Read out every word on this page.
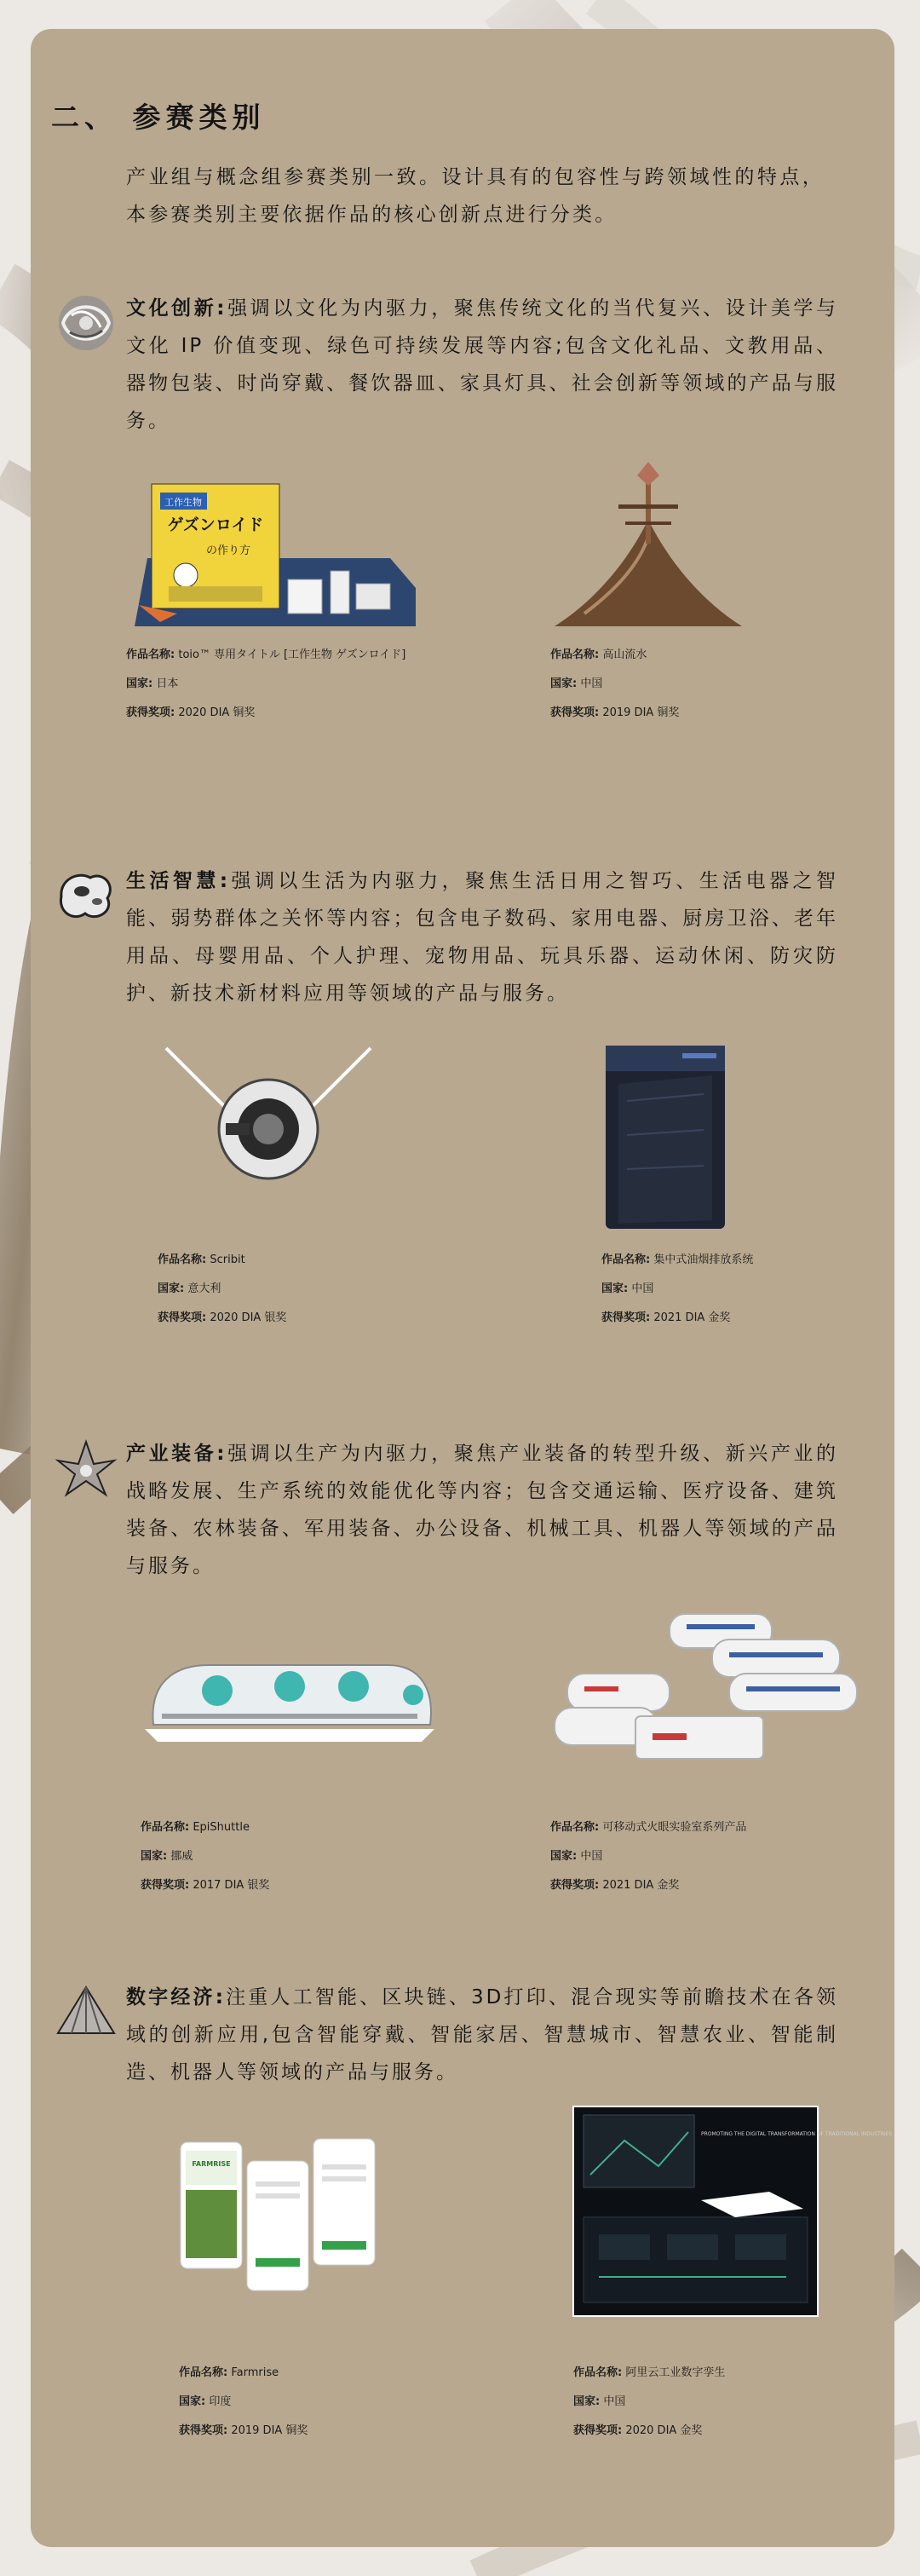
二、 参赛类别

产业组与概念组参赛类别一致。设计具有的包容性与跨领域性的特点，本参赛类别主要依据作品的核心创新点进行分类。

文化创新:强调以文化为内驱力，聚焦传统文化的当代复兴、设计美学与文化 IP 价值变现、绿色可持续发展等内容;包含文化礼品、文教用品、器物包装、时尚穿戴、餐饮器皿、家具灯具、社会创新等领域的产品与服务。

工作生物
ゲズンロイド
の作り方
作品名称: toio™ 専用タイトル [工作生物 ゲズンロイド]
国家: 日本
获得奖项: 2020 DIA 铜奖
作品名称: 高山流水
国家: 中国
获得奖项: 2019 DIA 铜奖

生活智慧:强调以生活为内驱力，聚焦生活日用之智巧、生活电器之智能、弱势群体之关怀等内容；包含电子数码、家用电器、厨房卫浴、老年用品、母婴用品、个人护理、宠物用品、玩具乐器、运动休闲、防灾防护、新技术新材料应用等领域的产品与服务。

作品名称: Scribit
国家: 意大利
获得奖项: 2020 DIA 银奖
作品名称: 集中式油烟排放系统
国家: 中国
获得奖项: 2021 DIA 金奖

产业装备:强调以生产为内驱力，聚焦产业装备的转型升级、新兴产业的战略发展、生产系统的效能优化等内容；包含交通运输、医疗设备、建筑装备、农林装备、军用装备、办公设备、机械工具、机器人等领域的产品与服务。

作品名称: EpiShuttle
国家: 挪威
获得奖项: 2017 DIA 银奖
作品名称: 可移动式火眼实验室系列产品
国家: 中国
获得奖项: 2021 DIA 金奖

数字经济:注重人工智能、区块链、3D打印、混合现实等前瞻技术在各领域的创新应用,包含智能穿戴、智能家居、智慧城市、智慧农业、智能制造、机器人等领域的产品与服务。

FARMRISE
作品名称: Farmrise
国家: 印度
获得奖项: 2019 DIA 铜奖
PROMOTING THE DIGITAL TRANSFORMATION OF TRADITIONAL INDUSTRIES
作品名称: 阿里云工业数字孪生
国家: 中国
获得奖项: 2020 DIA 金奖
